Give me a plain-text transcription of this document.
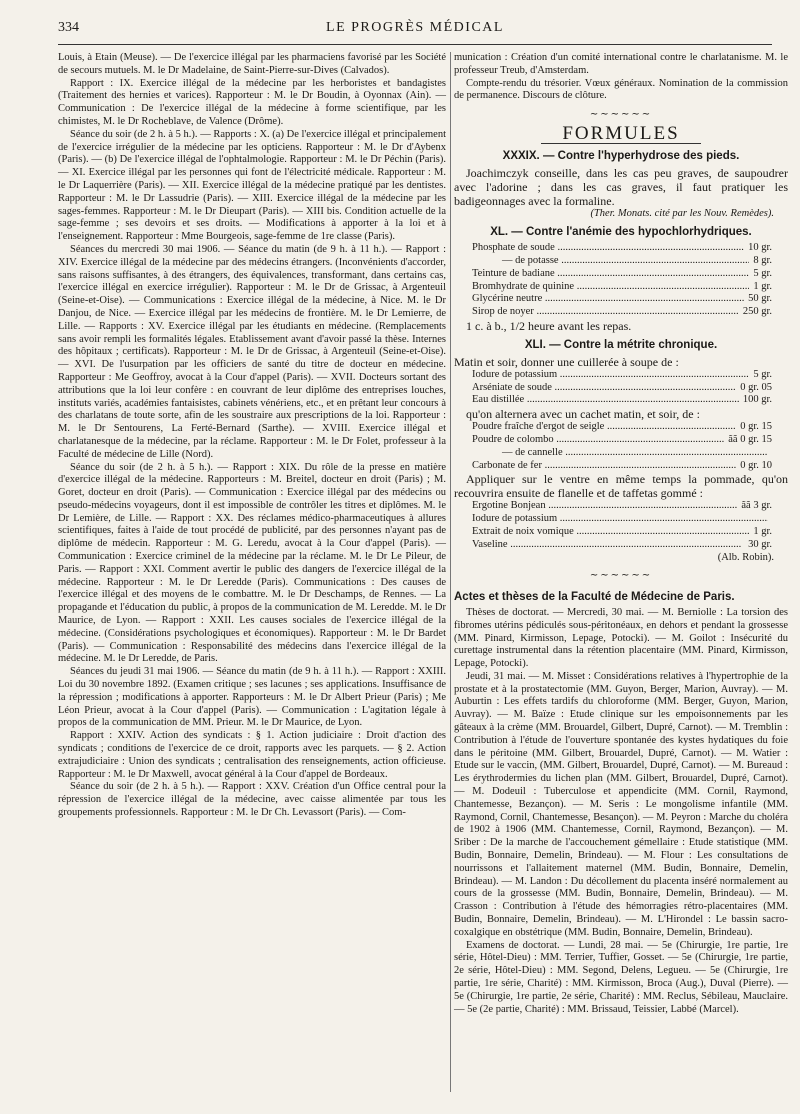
334	LE PROGRÈS MÉDICAL

Louis, à Etain (Meuse). — De l'exercice illégal par les pharmaciens favorisé par les Société de secours mutuels. M. le Dr Madelaine, de Saint-Pierre-sur-Dives (Calvados).

Rapport : IX. Exercice illégal de la médecine par les herboristes et bandagistes (Traitement des hernies et varices). Rapporteur : M. le Dr Boudin, à Oyonnax (Ain). — Communication : De l'exercice illégal de la médecine à forme scientifique, par les chimistes, M. le Dr Rocheblave, de Valence (Drôme).

Séance du soir (de 2 h. à 5 h.). — Rapports : X. (a) De l'exercice illégal et principalement de l'exercice irrégulier de la médecine par les opticiens. Rapporteur : M. le Dr d'Aybenx (Paris). — (b) De l'exercice illégal de l'ophtalmologie. Rapporteur : M. le Dr Péchin (Paris). — XI. Exercice illégal par les personnes qui font de l'électricité médicale. Rapporteur : M. le Dr Laquerrière (Paris). — XII. Exercice illégal de la médecine pratiqué par les dentistes. Rapporteur : M. le Dr Lassudrie (Paris). — XIII. Exercice illégal de la médecine par les sages-femmes. Rapporteur : M. le Dr Dieupart (Paris). — XIII bis. Condition actuelle de la sage-femme ; ses devoirs et ses droits. — Modifications à apporter à la loi et à l'enseignement. Rapporteur : Mme Bourgeois, sage-femme de 1re classe (Paris).

Séances du mercredi 30 mai 1906. — Séance du matin (de 9 h. à 11 h.). — Rapport : XIV. Exercice illégal de la médecine par des médecins étrangers. (Inconvénients d'accorder, sans raisons suffisantes, à des étrangers, des équivalences, transformant, dans certains cas, l'exercice illégal en exercice irrégulier). Rapporteur : M. le Dr de Grissac, à Argenteuil (Seine-et-Oise). — Communications : Exercice illégal de la médecine, à Nice. M. le Dr Danjou, de Nice. — Exercice illégal par les médecins de frontière. M. le Dr Lemierre, de Lille. — Rapports : XV. Exercice illégal par les étudiants en médecine. (Remplacements sans avoir rempli les formalités légales. Etablissement avant d'avoir passé la thèse. Internes des hôpitaux ; certificats). Rapporteur : M. le Dr de Grissac, à Argenteuil (Seine-et-Oise). — XVI. De l'usurpation par les officiers de santé du titre de docteur en médecine. Rapporteur : Me Geoffroy, avocat à la Cour d'appel (Paris). — XVII. Docteurs sortant des attributions que la loi leur confère : en couvrant de leur diplôme des entreprises louches, instituts variés, académies fantaisistes, cabinets vénériens, etc., et en prêtant leur concours à des charlatans de toute sorte, afin de les soustraire aux prescriptions de la loi. Rapporteur : M. le Dr Sentourens, La Ferté-Bernard (Sarthe). — XVIII. Exercice illégal et charlatanesque de la médecine, par la réclame. Rapporteur : M. le Dr Folet, professeur à la Faculté de médecine de Lille (Nord).

Séance du soir (de 2 h. à 5 h.). — Rapport : XIX. Du rôle de la presse en matière d'exercice illégal de la médecine. Rapporteurs : M. Breitel, docteur en droit (Paris) ; M. Goret, docteur en droit (Paris). — Communication : Exercice illégal par des médecins ou pseudo-médecins voyageurs, dont il est impossible de contrôler les titres et diplômes. M. le Dr Lemière, de Lille. — Rapport : XX. Des réclames médico-pharmaceutiques à allures scientifiques, faites à l'aide de tout procédé de publicité, par des personnes n'ayant pas de diplôme de médecin. Rapporteur : M. G. Leredu, avocat à la Cour d'appel (Paris). — Communication : Exercice criminel de la médecine par la réclame. M. le Dr Le Pileur, de Paris. — Rapport : XXI. Comment avertir le public des dangers de l'exercice illégal de la médecine. Rapporteur : M. le Dr Leredde (Paris). Communications : Des causes de l'exercice illégal et des moyens de le combattre. M. le Dr Deschamps, de Rennes. — La propagande et l'éducation du public, à propos de la communication de M. Leredde. M. le Dr Maurice, de Lyon. — Rapport : XXII. Les causes sociales de l'exercice illégal de la médecine. (Considérations psychologiques et économiques). Rapporteur : M. le Dr Bardet (Paris). — Communication : Responsabilité des médecins dans l'exercice illégal de la médecine. M. le Dr Leredde, de Paris.

Séances du jeudi 31 mai 1906. — Séance du matin (de 9 h. à 11 h.). — Rapport : XXIII. Loi du 30 novembre 1892. (Examen critique ; ses lacunes ; ses applications. Insuffisance de la répression ; modifications à apporter. Rapporteurs : M. le Dr Albert Prieur (Paris) ; Me Léon Prieur, avocat à la Cour d'appel (Paris). — Communication : L'agitation légale à propos de la communication de MM. Prieur. M. le Dr Maurice, de Lyon.

Rapport : XXIV. Action des syndicats : § 1. Action judiciaire : Droit d'action des syndicats ; conditions de l'exercice de ce droit, rapports avec les parquets. — § 2. Action extrajudiciaire : Union des syndicats ; centralisation des renseignements, action officieuse. Rapporteur : M. le Dr Maxwell, avocat général à la Cour d'appel de Bordeaux.

Séance du soir (de 2 h. à 5 h.). — Rapport : XXV. Création d'un Office central pour la répression de l'exercice illégal de la médecine, avec caisse alimentée par tous les groupements professionnels. Rapporteur : M. le Dr Ch. Levassort (Paris). — Com-

munication : Création d'un comité international contre le charlatanisme. M. le professeur Treub, d'Amsterdam.

Compte-rendu du trésorier. Vœux généraux. Nomination de la commission de permanence. Discours de clôture.

∼∼∼∼∼∼
FORMULES
XXXIX. — Contre l'hyperhydrose des pieds.

Joachimczyk conseille, dans les cas peu graves, de saupoudrer avec l'adorine ; dans les cas graves, il faut pratiquer les badigeonnages avec la formaline.

(Ther. Monats. cité par les Nouv. Remèdes).

XL. — Contre l'anémie des hypochlorhydriques.
Phosphate de soude .....	10 gr.
— de potasse .....	8 gr.
Teinture de badiane .....	5 gr.
Bromhydrate de quinine .....	1 gr.
Glycérine neutre .....	50 gr.
Sirop de noyer .....	250 gr.

1 c. à b., 1/2 heure avant les repas.

XLI. — Contre la métrite chronique.

Matin et soir, donner une cuillerée à soupe de :

Iodure de potassium .....	5 gr.
Arséniate de soude .....	0 gr. 05
Eau distillée .....	100 gr.

qu'on alternera avec un cachet matin, et soir, de :

Poudre fraîche d'ergot de seigle .....	0 gr. 15
Poudre de colombo .....	ãã 0 gr. 15
— de cannelle .....
Carbonate de fer .....	0 gr. 10

Appliquer sur le ventre en même temps la pommade, qu'on recouvrira ensuite de flanelle et de taffetas gommé :

Ergotine Bonjean .....	ãã 3 gr.
Iodure de potassium .....
Extrait de noix vomique .....	1 gr.
Vaseline .....	30 gr.

(Alb. Robin).

∼∼∼∼∼∼
Actes et thèses de la Faculté de Médecine de Paris.

Thèses de doctorat. — Mercredi, 30 mai. — M. Berniolle : La torsion des fibromes utérins pédiculés sous-péritonéaux, en dehors et pendant la grossesse (MM. Pinard, Kirmisson, Lepage, Potocki). — M. Goilot : Insécurité du curettage instrumental dans la rétention placentaire (MM. Pinard, Kirmisson, Lepage, Potocki).

Jeudi, 31 mai. — M. Misset : Considérations relatives à l'hypertrophie de la prostate et à la prostatectomie (MM. Guyon, Berger, Marion, Auvray). — M. Auburtin : Les effets tardifs du chloroforme (MM. Berger, Guyon, Marion, Auvray). — M. Baïze : Etude clinique sur les empoisonnements par les gâteaux à la crème (MM. Brouardel, Gilbert, Dupré, Carnot). — M. Tremblin : Contribution à l'étude de l'ouverture spontanée des kystes hydatiques du foie dans le péritoine (MM. Gilbert, Brouardel, Dupré, Carnot). — M. Watier : Etude sur le vaccin, (MM. Gilbert, Brouardel, Dupré, Carnot). — M. Bureaud : Les érythrodermies du lichen plan (MM. Gilbert, Brouardel, Dupré, Carnot). — M. Dodeuil : Tuberculose et appendicite (MM. Cornil, Raymond, Chantemesse, Bezançon). — M. Seris : Le mongolisme infantile (MM. Raymond, Cornil, Chantemesse, Besançon). — M. Peyron : Marche du choléra de 1902 à 1906 (MM. Chantemesse, Cornil, Raymond, Bezançon). — M. Sriber : De la marche de l'accouchement gémellaire : Etude statistique (MM. Budin, Bonnaire, Demelin, Brindeau). — M. Flour : Les consultations de nourrissons et l'allaitement maternel (MM. Budin, Bonnaire, Demelin, Brindeau). — M. Landon : Du décollement du placenta inséré normalement au cours de la grossesse (MM. Budin, Bonnaire, Demelin, Brindeau). — M. Crasson : Contribution à l'étude des hémorragies rétro-placentaires (MM. Budin, Bonnaire, Demelin, Brindeau). — M. L'Hirondel : Le bassin sacro-coxalgique en obstétrique (MM. Budin, Bonnaire, Demelin, Brindeau).

Examens de doctorat. — Lundi, 28 mai. — 5e (Chirurgie, 1re partie, 1re série, Hôtel-Dieu) : MM. Terrier, Tuffier, Gosset. — 5e (Chirurgie, 1re partie, 2e série, Hôtel-Dieu) : MM. Segond, Delens, Legueu. — 5e (Chirurgie, 1re partie, 1re série, Charité) : MM. Kirmisson, Broca (Aug.), Duval (Pierre). — 5e (Chirurgie, 1re partie, 2e série, Charité) : MM. Reclus, Sébileau, Mauclaire. — 5e (2e partie, Charité) : MM. Brissaud, Teissier, Labbé (Marcel).
